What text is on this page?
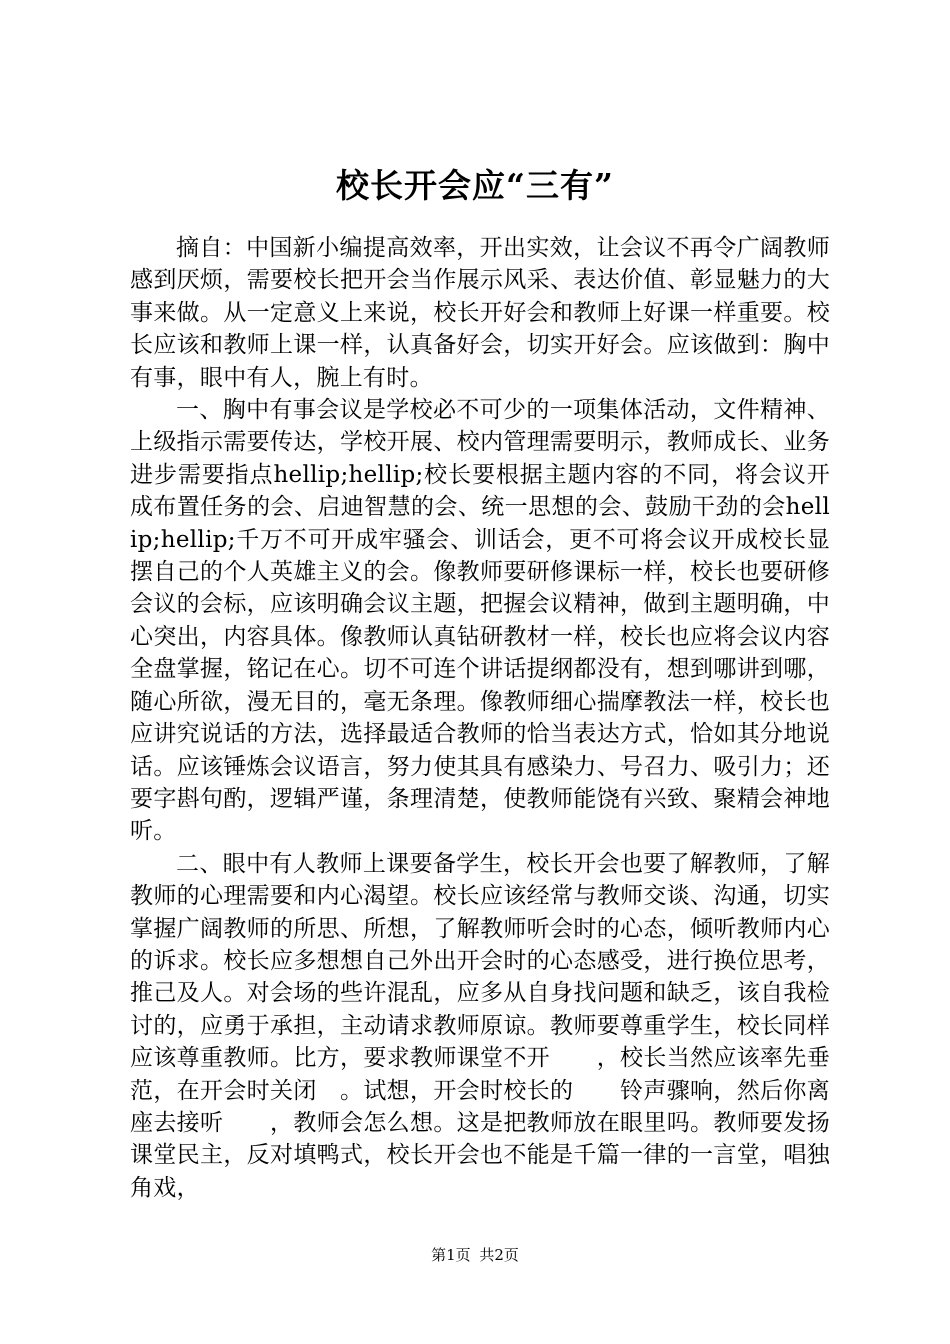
校长开会应“三有”

摘自：中国新小编提高效率，开出实效，让会议不再令广阔教师感到厌烦，需要校长把开会当作展示风采、表达价值、彰显魅力的大事来做。从一定意义上来说，校长开好会和教师上好课一样重要。校长应该和教师上课一样，认真备好会，切实开好会。应该做到：胸中有事，眼中有人，腕上有时。

一、胸中有事会议是学校必不可少的一项集体活动，文件精神、上级指示需要传达，学校开展、校内管理需要明示，教师成长、业务进步需要指点hellip;hellip;校长要根据主题内容的不同，将会议开成布置任务的会、启迪智慧的会、统一思想的会、鼓励干劲的会hellip;hellip;千万不可开成牢骚会、训话会，更不可将会议开成校长显摆自己的个人英雄主义的会。像教师要研修课标一样，校长也要研修会议的会标，应该明确会议主题，把握会议精神，做到主题明确，中心突出，内容具体。像教师认真钻研教材一样，校长也应将会议内容全盘掌握，铭记在心。切不可连个讲话提纲都没有，想到哪讲到哪，随心所欲，漫无目的，毫无条理。像教师细心揣摩教法一样，校长也应讲究说话的方法，选择最适合教师的恰当表达方式，恰如其分地说话。应该锤炼会议语言，努力使其具有感染力、号召力、吸引力；还要字斟句酌，逻辑严谨，条理清楚，使教师能饶有兴致、聚精会神地听。

二、眼中有人教师上课要备学生，校长开会也要了解教师，了解教师的心理需要和内心渴望。校长应该经常与教师交谈、沟通，切实掌握广阔教师的所思、所想，了解教师听会时的心态，倾听教师内心的诉求。校长应多想想自己外出开会时的心态感受，进行换位思考，推己及人。对会场的些许混乱，应多从自身找问题和缺乏，该自我检讨的，应勇于承担，主动请求教师原谅。教师要尊重学生，校长同样应该尊重教师。比方，要求教师课堂不开　　，校长当然应该率先垂范，在开会时关闭　。试想，开会时校长的　　铃声骤响，然后你离座去接听　　，教师会怎么想。这是把教师放在眼里吗。教师要发扬课堂民主，反对填鸭式，校长开会也不能是千篇一律的一言堂，唱独角戏，

第1页 共2页
